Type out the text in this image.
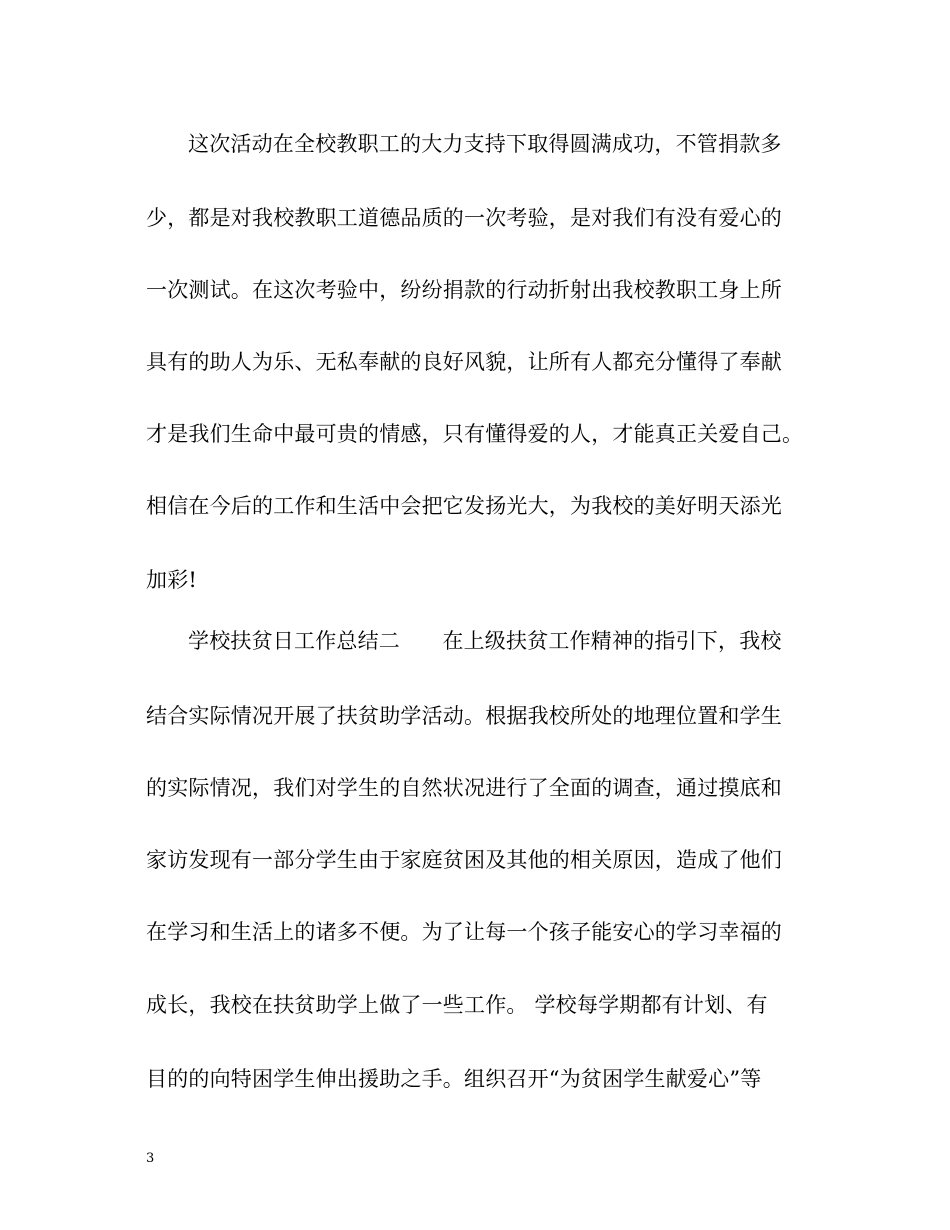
这次活动在全校教职工的大力支持下取得圆满成功，不管捐款多
少，都是对我校教职工道德品质的一次考验，是对我们有没有爱心的
一次测试。在这次考验中，纷纷捐款的行动折射出我校教职工身上所
具有的助人为乐、无私奉献的良好风貌，让所有人都充分懂得了奉献
才是我们生命中最可贵的情感，只有懂得爱的人，才能真正关爱自己。
相信在今后的工作和生活中会把它发扬光大，为我校的美好明天添光
加彩!
学校扶贫日工作总结二　　在上级扶贫工作精神的指引下，我校
结合实际情况开展了扶贫助学活动。根据我校所处的地理位置和学生
的实际情况，我们对学生的自然状况进行了全面的调查，通过摸底和
家访发现有一部分学生由于家庭贫困及其他的相关原因，造成了他们
在学习和生活上的诸多不便。为了让每一个孩子能安心的学习幸福的
成长，我校在扶贫助学上做了一些工作。 学校每学期都有计划、有
目的的向特困学生伸出援助之手。组织召开“为贫困学生献爱心”等
3
